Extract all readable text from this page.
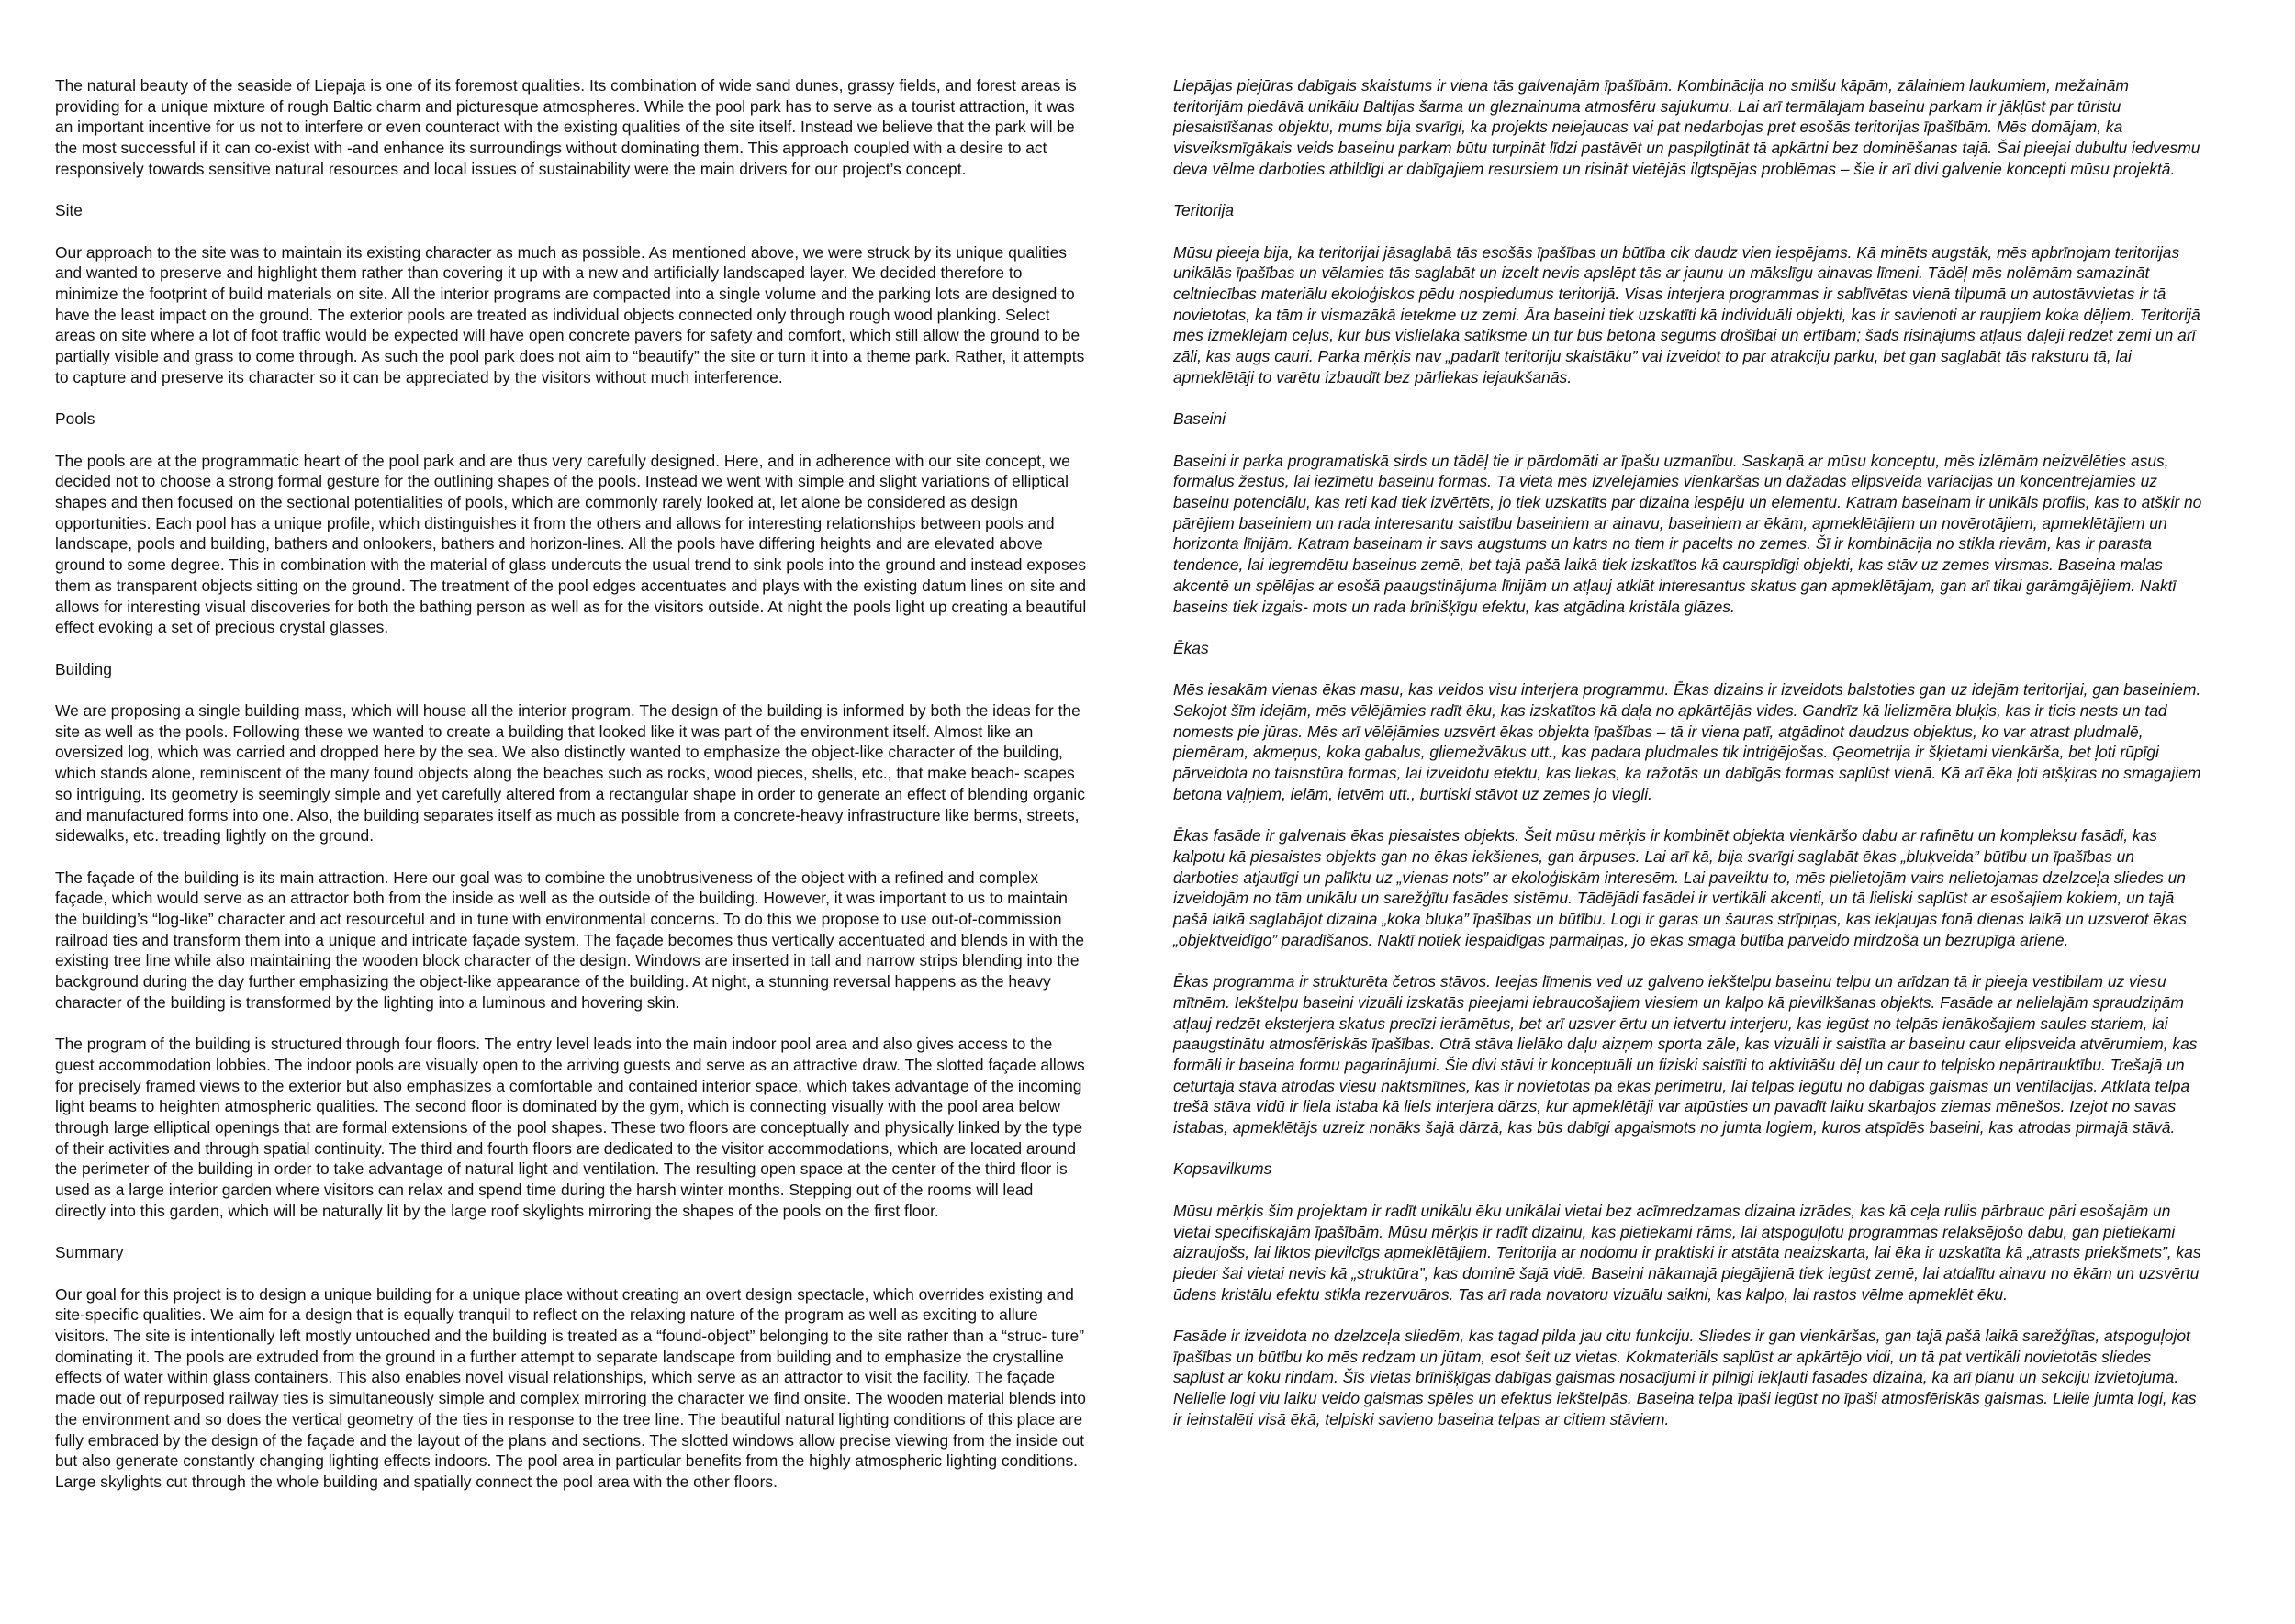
The natural beauty of the seaside of Liepaja is one of its foremost qualities. Its combination of wide sand dunes, grassy fields, and forest areas is providing for a unique mixture of rough Baltic charm and picturesque atmospheres. While the pool park has to serve as a tourist attraction, it was an important incentive for us not to interfere or even counteract with the existing qualities of the site itself. Instead we believe that the park will be the most successful if it can co-exist with -and enhance its surroundings without dominating them. This approach coupled with a desire to act responsively towards sensitive natural resources and local issues of sustainability were the main drivers for our project’s concept.

Site

Our approach to the site was to maintain its existing character as much as possible. As mentioned above, we were struck by its unique qualities and wanted to preserve and highlight them rather than covering it up with a new and artificially landscaped layer. We decided therefore to minimize the footprint of build materials on site. All the interior programs are compacted into a single volume and the parking lots are designed to have the least impact on the ground. The exterior pools are treated as individual objects connected only through rough wood planking. Select areas on site where a lot of foot traffic would be expected will have open concrete pavers for safety and comfort, which still allow the ground to be partially visible and grass to come through. As such the pool park does not aim to “beautify” the site or turn it into a theme park. Rather, it attempts to capture and preserve its character so it can be appreciated by the visitors without much interference.

Pools

The pools are at the programmatic heart of the pool park and are thus very carefully designed. Here, and in adherence with our site concept, we decided not to choose a strong formal gesture for the outlining shapes of the pools. Instead we went with simple and slight variations of elliptical shapes and then focused on the sectional potentialities of pools, which are commonly rarely looked at, let alone be considered as design opportunities. Each pool has a unique profile, which distinguishes it from the others and allows for interesting relationships between pools and landscape, pools and building, bathers and onlookers, bathers and horizon-lines. All the pools have differing heights and are elevated above ground to some degree. This in combination with the material of glass undercuts the usual trend to sink pools into the ground and instead exposes them as transparent objects sitting on the ground. The treatment of the pool edges accentuates and plays with the existing datum lines on site and allows for interesting visual discoveries for both the bathing person as well as for the visitors outside. At night the pools light up creating a beautiful effect evoking a set of precious crystal glasses.

Building

We are proposing a single building mass, which will house all the interior program. The design of the building is informed by both the ideas for the site as well as the pools. Following these we wanted to create a building that looked like it was part of the environment itself. Almost like an oversized log, which was carried and dropped here by the sea. We also distinctly wanted to emphasize the object-like character of the building, which stands alone, reminiscent of the many found objects along the beaches such as rocks, wood pieces, shells, etc., that make beach- scapes so intriguing. Its geometry is seemingly simple and yet carefully altered from a rectangular shape in order to generate an effect of blending organic and manufactured forms into one. Also, the building separates itself as much as possible from a concrete-heavy infrastructure like berms, streets, sidewalks, etc. treading lightly on the ground.

The façade of the building is its main attraction. Here our goal was to combine the unobtrusiveness of the object with a refined and complex façade, which would serve as an attractor both from the inside as well as the outside of the building. However, it was important to us to maintain the building’s “log-like” character and act resourceful and in tune with environmental concerns. To do this we propose to use out-of-commission railroad ties and transform them into a unique and intricate façade system. The façade becomes thus vertically accentuated and blends in with the existing tree line while also maintaining the wooden block character of the design. Windows are inserted in tall and narrow strips blending into the background during the day further emphasizing the object-like appearance of the building. At night, a stunning reversal happens as the heavy character of the building is transformed by the lighting into a luminous and hovering skin.

The program of the building is structured through four floors. The entry level leads into the main indoor pool area and also gives access to the guest accommodation lobbies. The indoor pools are visually open to the arriving guests and serve as an attractive draw. The slotted façade allows for precisely framed views to the exterior but also emphasizes a comfortable and contained interior space, which takes advantage of the incoming light beams to heighten atmospheric qualities. The second floor is dominated by the gym, which is connecting visually with the pool area below through large elliptical openings that are formal extensions of the pool shapes. These two floors are conceptually and physically linked by the type of their activities and through spatial continuity. The third and fourth floors are dedicated to the visitor accommodations, which are located around the perimeter of the building in order to take advantage of natural light and ventilation. The resulting open space at the center of the third floor is used as a large interior garden where visitors can relax and spend time during the harsh winter months. Stepping out of the rooms will lead directly into this garden, which will be naturally lit by the large roof skylights mirroring the shapes of the pools on the first floor.

Summary

Our goal for this project is to design a unique building for a unique place without creating an overt design spectacle, which overrides existing and site-specific qualities. We aim for a design that is equally tranquil to reflect on the relaxing nature of the program as well as exciting to allure visitors. The site is intentionally left mostly untouched and the building is treated as a “found-object” belonging to the site rather than a “struc- ture” dominating it. The pools are extruded from the ground in a further attempt to separate landscape from building and to emphasize the crystalline effects of water within glass containers. This also enables novel visual relationships, which serve as an attractor to visit the facility. The façade made out of repurposed railway ties is simultaneously simple and complex mirroring the character we find onsite. The wooden material blends into the environment and so does the vertical geometry of the ties in response to the tree line. The beautiful natural lighting conditions of this place are fully embraced by the design of the façade and the layout of the plans and sections. The slotted windows allow precise viewing from the inside out but also generate constantly changing lighting effects indoors. The pool area in particular benefits from the highly atmospheric lighting conditions. Large skylights cut through the whole building and spatially connect the pool area with the other floors.

Liepājas piejūras dabīgais skaistums ir viena tās galvenajām īpašībām. Kombinācija no smilšu kāpām, zālainiem laukumiem, mežainām teritorijām piedāvā unikālu Baltijas šarma un gleznainuma atmosfēru sajukumu. Lai arī termālajam baseinu parkam ir jākļūst par tūristu piesaistīšanas objektu, mums bija svarīgi, ka projekts neiejaucas vai pat nedarbojas pret esošās teritorijas īpašībām. Mēs domājam, ka visveiksmīgākais veids baseinu parkam būtu turpināt līdzi pastāvēt un paspilgtināt tā apkārtni bez dominēšanas tajā. Šai pieejai dubultu iedvesmu deva vēlme darboties atbildīgi ar dabīgajiem resursiem un risināt vietējās ilgtspējas problēmas – šie ir arī divi galvenie koncepti mūsu projektā.

Teritorija

Mūsu pieeja bija, ka teritorijai jāsaglabā tās esošās īpašības un būtība cik daudz vien iespējams. Kā minēts augstāk, mēs apbrīnojam teritorijas unikālās īpašības un vēlamies tās saglabāt un izcelt nevis apslēpt tās ar jaunu un mākslīgu ainavas līmeni. Tādēļ mēs nolēmām samazināt celtniecības materiālu ekoloģiskos pēdu nospiedumus teritorijā. Visas interjera programmas ir sablīvētas vienā tilpumā un autostāvvietas ir tā novietotas, ka tām ir vismazākā ietekme uz zemi. Āra baseini tiek uzskatīti kā individuāli objekti, kas ir savienoti ar raupjiem koka dēļiem. Teritorijā mēs izmeklējām ceļus, kur būs vislielākā satiksme un tur būs betona segums drošībai un ērtībām; šāds risinājums atļaus daļēji redzēt zemi un arī zāli, kas augs cauri. Parka mērķis nav „padarīt teritoriju skaistāku” vai izveidot to par atrakciju parku, bet gan saglabāt tās raksturu tā, lai apmeklētāji to varētu izbaudīt bez pārliekas iejaukšanās.

Baseini

Baseini ir parka programatiskā sirds un tādēļ tie ir pārdomāti ar īpašu uzmanību. Saskaņā ar mūsu konceptu, mēs izlēmām neizvēlēties asus, formālus žestus, lai iezīmētu baseinu formas. Tā vietā mēs izvēlējāmies vienkāršas un dažādas elipsveida variācijas un koncentrējāmies uz baseinu potenciālu, kas reti kad tiek izvērtēts, jo tiek uzskatīts par dizaina iespēju un elementu. Katram baseinam ir unikāls profils, kas to atšķir no pārējiem baseiniem un rada interesantu saistību baseiniem ar ainavu, baseiniem ar ēkām, apmeklētājiem un novērotājiem, apmeklētājiem un horizonta līnijām. Katram baseinam ir savs augstums un katrs no tiem ir pacelts no zemes. Šī ir kombinācija no stikla rievām, kas ir parasta tendence, lai iegremdētu baseinus zemē, bet tajā pašā laikā tiek izskatītos kā caurspīdīgi objekti, kas stāv uz zemes virsmas. Baseina malas akcentē un spēlējas ar esošā paaugstinājuma līnijām un atļauj atklāt interesantus skatus gan apmeklētājam, gan arī tikai garāmgājējiem. Naktī baseins tiek izgais- mots un rada brīnišķīgu efektu, kas atgādina kristāla glāzes.

Ēkas

Mēs iesakām vienas ēkas masu, kas veidos visu interjera programmu. Ēkas dizains ir izveidots balstoties gan uz idejām teritorijai, gan baseiniem. Sekojot šīm idejām, mēs vēlējāmies radīt ēku, kas izskatītos kā daļa no apkārtējās vides. Gandrīz kā lielizmēra bluķis, kas ir ticis nests un tad nomests pie jūras. Mēs arī vēlējāmies uzsvērt ēkas objekta īpašības – tā ir viena patī, atgādinot daudzus objektus, ko var atrast pludmalē, piemēram, akmeņus, koka gabalus, gliemežvākus utt., kas padara pludmales tik intriģējošas. Ģeometrija ir šķietami vienkārša, bet ļoti rūpīgi pārveidota no taisnstūra formas, lai izveidotu efektu, kas liekas, ka ražotās un dabīgās formas saplūst vienā. Kā arī ēka ļoti atšķiras no smagajiem betona vaļņiem, ielām, ietvēm utt., burtiski stāvot uz zemes jo viegli.

Ēkas fasāde ir galvenais ēkas piesaistes objekts. Šeit mūsu mērķis ir kombinēt objekta vienkāršo dabu ar rafinētu un kompleksu fasādi, kas kalpotu kā piesaistes objekts gan no ēkas iekšienes, gan ārpuses. Lai arī kā, bija svarīgi saglabāt ēkas „bluķveida” būtību un īpašības un darboties atjautīgi un palīktu uz „vienas nots” ar ekoloģiskām interesēm. Lai paveiktu to, mēs pielietojām vairs nelietojamas dzelzceļa sliedes un izveidojām no tām unikālu un sarežģītu fasādes sistēmu. Tādējādi fasādei ir vertikāli akcenti, un tā lieliski saplūst ar esošajiem kokiem, un tajā pašā laikā saglabājot dizaina „koka bluķa” īpašības un būtību. Logi ir garas un šauras strīpiņas, kas iekļaujas fonā dienas laikā un uzsverot ēkas „objektveidīgo” parādīšanos. Naktī notiek iespaidīgas pārmaiņas, jo ēkas smagā būtība pārveido mirdzošā un bezrūpīgā ārienē.

Ēkas programma ir strukturēta četros stāvos. Ieejas līmenis ved uz galveno iekštelpu baseinu telpu un arīdzan tā ir pieeja vestibilam uz viesu mītnēm. Iekštelpu baseini vizuāli izskatās pieejami iebraucošajiem viesiem un kalpo kā pievilkšanas objekts. Fasāde ar nelielajām spraudziņām atļauj redzēt eksterjera skatus precīzi ierāmētus, bet arī uzsver ērtu un ietvertu interjeru, kas iegūst no telpās ienākošajiem saules stariem, lai paaugstinātu atmosfēriskās īpašības. Otrā stāva lielāko daļu aizņem sporta zāle, kas vizuāli ir saistīta ar baseinu caur elipsveida atvērumiem, kas formāli ir baseina formu pagarinājumi. Šie divi stāvi ir konceptuāli un fiziski saistīti to aktivitāšu dēļ un caur to telpisko nepārtrauktību. Trešajā un ceturtajā stāvā atrodas viesu naktsmītnes, kas ir novietotas pa ēkas perimetru, lai telpas iegūtu no dabīgās gaismas un ventilācijas. Atklātā telpa trešā stāva vidū ir liela istaba kā liels interjera dārzs, kur apmeklētāji var atpūsties un pavadīt laiku skarbajos ziemas mēnešos. Izejot no savas istabas, apmeklētājs uzreiz nonāks šajā dārzā, kas būs dabīgi apgaismots no jumta logiem, kuros atspīdēs baseini, kas atrodas pirmajā stāvā.

Kopsavilkums

Mūsu mērķis šim projektam ir radīt unikālu ēku unikālai vietai bez acīmredzamas dizaina izrādes, kas kā ceļa rullis pārbrauc pāri esošajām un vietai specifiskajām īpašībām. Mūsu mērķis ir radīt dizainu, kas pietiekami rāms, lai atspoguļotu programmas relaksējošo dabu, gan pietiekami aizraujošs, lai liktos pievilcīgs apmeklētājiem. Teritorija ar nodomu ir praktiski ir atstāta neaizskarta, lai ēka ir uzskatīta kā „atrasts priekšmets”, kas pieder šai vietai nevis kā „struktūra”, kas dominē šajā vidē. Baseini nākamajā piegājienā tiek iegūst zemē, lai atdalītu ainavu no ēkām un uzsvērtu ūdens kristālu efektu stikla rezervuāros. Tas arī rada novatoru vizuālu saikni, kas kalpo, lai rastos vēlme apmeklēt ēku.

Fasāde ir izveidota no dzelzceļa sliedēm, kas tagad pilda jau citu funkciju. Sliedes ir gan vienkāršas, gan tajā pašā laikā sarežģītas, atspoguļojot īpašības un būtību ko mēs redzam un jūtam, esot šeit uz vietas. Kokmateriāls saplūst ar apkārtējo vidi, un tā pat vertikāli novietotās sliedes saplūst ar koku rindām. Šīs vietas brīnišķīgās dabīgās gaismas nosacījumi ir pilnīgi iekļauti fasādes dizainā, kā arī plānu un sekciju izvietojumā. Nelielie logi viu laiku veido gaismas spēles un efektus iekštelpās. Baseina telpa īpaši iegūst no īpaši atmosfēriskās gaismas. Lielie jumta logi, kas ir ieinstalēti visā ēkā, telpiski savieno baseina telpas ar citiem stāviem.
